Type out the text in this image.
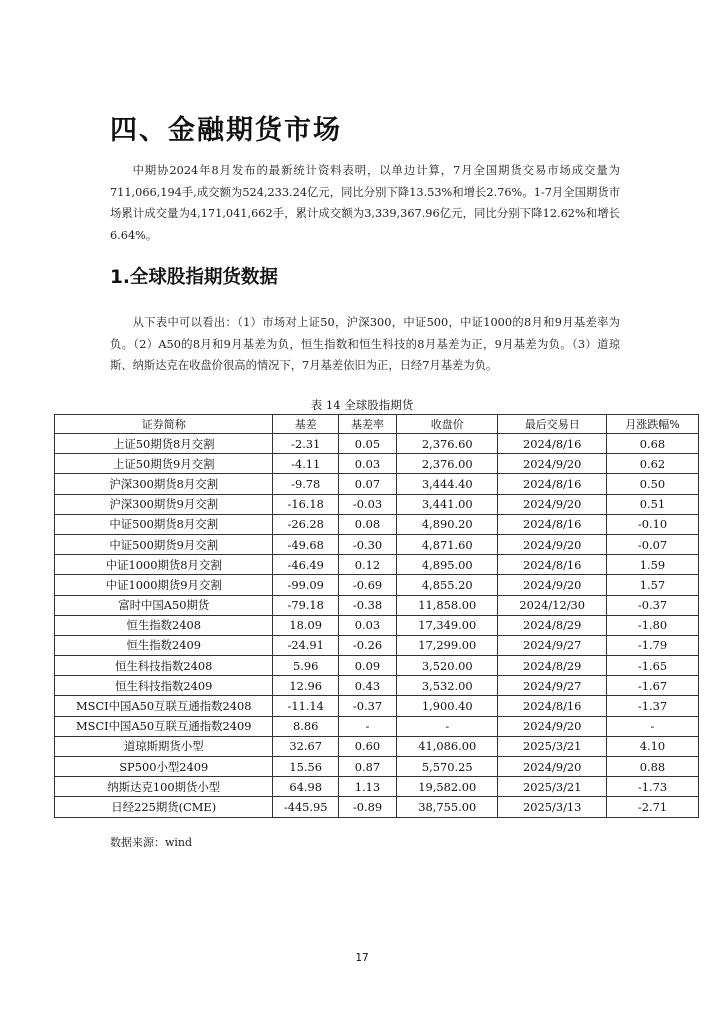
四、金融期货市场

中期协2024年8月发布的最新统计资料表明，以单边计算，7月全国期货交易市场成交量为711,066,194手,成交额为524,233.24亿元，同比分别下降13.53%和增长2.76%。1-7月全国期货市场累计成交量为4,171,041,662手，累计成交额为3,339,367.96亿元，同比分别下降12.62%和增长6.64%。

1.全球股指期货数据

从下表中可以看出：（1）市场对上证50，沪深300，中证500，中证1000的8月和9月基差率为负。（2）A50的8月和9月基差为负，恒生指数和恒生科技的8月基差为正，9月基差为负。（3）道琼斯、纳斯达克在收盘价很高的情况下，7月基差依旧为正，日经7月基差为负。

表 14 全球股指期货
证券简称	基差	基差率	收盘价	最后交易日	月涨跌幅%
上证50期货8月交割	-2.31	0.05	2,376.60	2024/8/16	0.68
上证50期货9月交割	-4.11	0.03	2,376.00	2024/9/20	0.62
沪深300期货8月交割	-9.78	0.07	3,444.40	2024/8/16	0.50
沪深300期货9月交割	-16.18	-0.03	3,441.00	2024/9/20	0.51
中证500期货8月交割	-26.28	0.08	4,890.20	2024/8/16	-0.10
中证500期货9月交割	-49.68	-0.30	4,871.60	2024/9/20	-0.07
中证1000期货8月交割	-46.49	0.12	4,895.00	2024/8/16	1.59
中证1000期货9月交割	-99.09	-0.69	4,855.20	2024/9/20	1.57
富时中国A50期货	-79.18	-0.38	11,858.00	2024/12/30	-0.37
恒生指数2408	18.09	0.03	17,349.00	2024/8/29	-1.80
恒生指数2409	-24.91	-0.26	17,299.00	2024/9/27	-1.79
恒生科技指数2408	5.96	0.09	3,520.00	2024/8/29	-1.65
恒生科技指数2409	12.96	0.43	3,532.00	2024/9/27	-1.67
MSCI中国A50互联互通指数2408	-11.14	-0.37	1,900.40	2024/8/16	-1.37
MSCI中国A50互联互通指数2409	8.86	-	-	2024/9/20	-
道琼斯期货小型	32.67	0.60	41,086.00	2025/3/21	4.10
SP500小型2409	15.56	0.87	5,570.25	2024/9/20	0.88
纳斯达克100期货小型	64.98	1.13	19,582.00	2025/3/21	-1.73
日经225期货(CME)	-445.95	-0.89	38,755.00	2025/3/13	-2.71
数据来源：wind
17
